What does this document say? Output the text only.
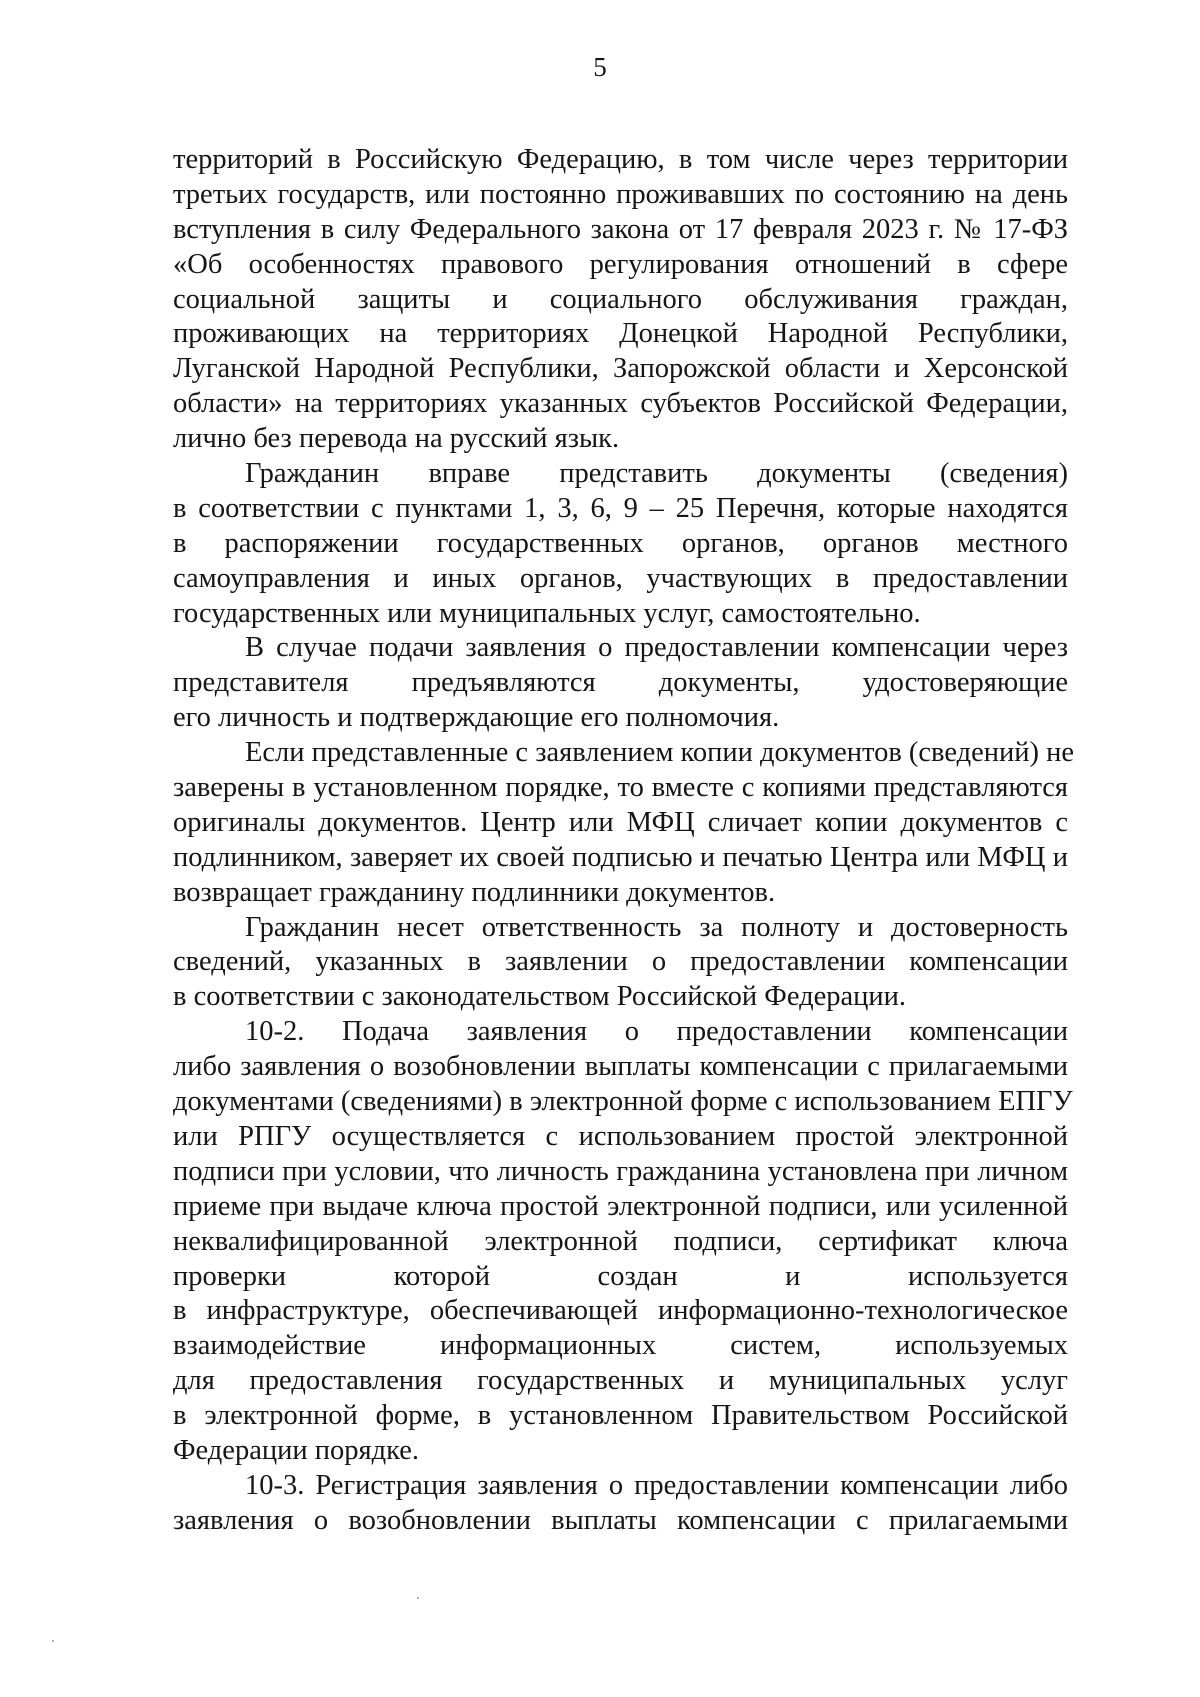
5
территорий в Российскую Федерацию, в том числе через территории
третьих государств, или постоянно проживавших по состоянию на день
вступления в силу Федерального закона от 17 февраля 2023 г. № 17-ФЗ
«Об особенностях правового регулирования отношений в сфере
социальной защиты и социального обслуживания граждан,
проживающих на территориях Донецкой Народной Республики,
Луганской Народной Республики, Запорожской области и Херсонской
области» на территориях указанных субъектов Российской Федерации,
лично без перевода на русский язык.
Гражданин вправе представить документы (сведения)
в соответствии с пунктами 1, 3, 6, 9 – 25 Перечня, которые находятся
в распоряжении государственных органов, органов местного
самоуправления и иных органов, участвующих в предоставлении
государственных или муниципальных услуг, самостоятельно.
В случае подачи заявления о предоставлении компенсации через
представителя предъявляются документы, удостоверяющие
его личность и подтверждающие его полномочия.
Если представленные с заявлением копии документов (сведений) не
заверены в установленном порядке, то вместе с копиями представляются
оригиналы документов. Центр или МФЦ сличает копии документов с
подлинником, заверяет их своей подписью и печатью Центра или МФЦ и
возвращает гражданину подлинники документов.
Гражданин несет ответственность за полноту и достоверность
сведений, указанных в заявлении о предоставлении компенсации
в соответствии с законодательством Российской Федерации.
10-2. Подача заявления о предоставлении компенсации
либо заявления о возобновлении выплаты компенсации с прилагаемыми
документами (сведениями) в электронной форме с использованием ЕПГУ
или РПГУ осуществляется с использованием простой электронной
подписи при условии, что личность гражданина установлена при личном
приеме при выдаче ключа простой электронной подписи, или усиленной
неквалифицированной электронной подписи, сертификат ключа
проверки которой создан и используется
в инфраструктуре, обеспечивающей информационно-технологическое
взаимодействие информационных систем, используемых
для предоставления государственных и муниципальных услуг
в электронной форме, в установленном Правительством Российской
Федерации порядке.
10-3. Регистрация заявления о предоставлении компенсации либо
заявления о возобновлении выплаты компенсации с прилагаемыми
